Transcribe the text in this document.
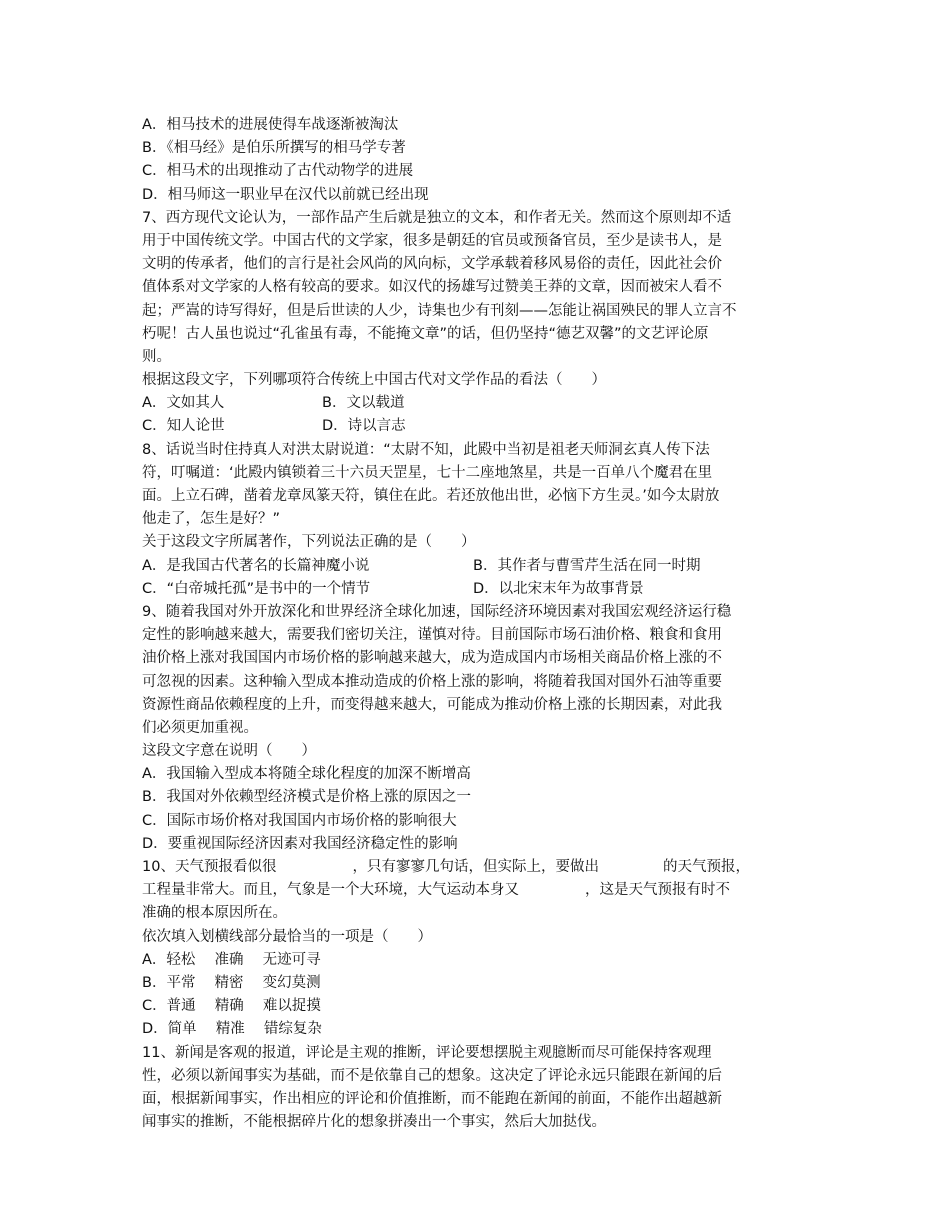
A．相马技术的进展使得车战逐渐被淘汰
B．《相马经》是伯乐所撰写的相马学专著
C．相马术的出现推动了古代动物学的进展
D．相马师这一职业早在汉代以前就已经出现
7、西方现代文论认为，一部作品产生后就是独立的文本，和作者无关。然而这个原则却不适
用于中国传统文学。中国古代的文学家，很多是朝廷的官员或预备官员，至少是读书人，是
文明的传承者，他们的言行是社会风尚的风向标，文学承载着移风易俗的责任，因此社会价
值体系对文学家的人格有较高的要求。如汉代的扬雄写过赞美王莽的文章，因而被宋人看不
起；严嵩的诗写得好，但是后世读的人少，诗集也少有刊刻——怎能让祸国殃民的罪人立言不
朽呢！古人虽也说过“孔雀虽有毒，不能掩文章”的话，但仍坚持“德艺双馨”的文艺评论原
则。
根据这段文字，下列哪项符合传统上中国古代对文学作品的看法（　　）
A．文如其人	B．文以载道
C．知人论世	D．诗以言志
8、话说当时住持真人对洪太尉说道：“太尉不知，此殿中当初是祖老天师洞玄真人传下法
符，叮嘱道：‘此殿内镇锁着三十六员天罡星，七十二座地煞星，共是一百单八个魔君在里
面。上立石碑，凿着龙章凤篆天符，镇住在此。若还放他出世，必恼下方生灵。’如今太尉放
他走了，怎生是好？”
关于这段文字所属著作，下列说法正确的是（　　）
A．是我国古代著名的长篇神魔小说	B．其作者与曹雪芹生活在同一时期
C．“白帝城托孤”是书中的一个情节	D．以北宋末年为故事背景
9、随着我国对外开放深化和世界经济全球化加速，国际经济环境因素对我国宏观经济运行稳
定性的影响越来越大，需要我们密切关注，谨慎对待。目前国际市场石油价格、粮食和食用
油价格上涨对我国国内市场价格的影响越来越大，成为造成国内市场相关商品价格上涨的不
可忽视的因素。这种输入型成本推动造成的价格上涨的影响，将随着我国对国外石油等重要
资源性商品依赖程度的上升，而变得越来越大，可能成为推动价格上涨的长期因素，对此我
们必须更加重视。
这段文字意在说明（　　）
A．我国输入型成本将随全球化程度的加深不断增高
B．我国对外依赖型经济模式是价格上涨的原因之一
C．国际市场价格对我国国内市场价格的影响很大
D．要重视国际经济因素对我国经济稳定性的影响
10、天气预报看似很	，只有寥寥几句话，但实际上，要做出	的天气预报，
工程量非常大。而且，气象是一个大环境，大气运动本身又	，这是天气预报有时不
准确的根本原因所在。
依次填入划横线部分最恰当的一项是（　　）
A．轻松　 准确　 无迹可寻
B．平常　 精密　 变幻莫测
C．普通　 精确　 难以捉摸
D．简单　 精准　 错综复杂
11、新闻是客观的报道，评论是主观的推断，评论要想摆脱主观臆断而尽可能保持客观理
性，必须以新闻事实为基础，而不是依靠自己的想象。这决定了评论永远只能跟在新闻的后
面，根据新闻事实，作出相应的评论和价值推断，而不能跑在新闻的前面，不能作出超越新
闻事实的推断，不能根据碎片化的想象拼凑出一个事实，然后大加挞伐。
